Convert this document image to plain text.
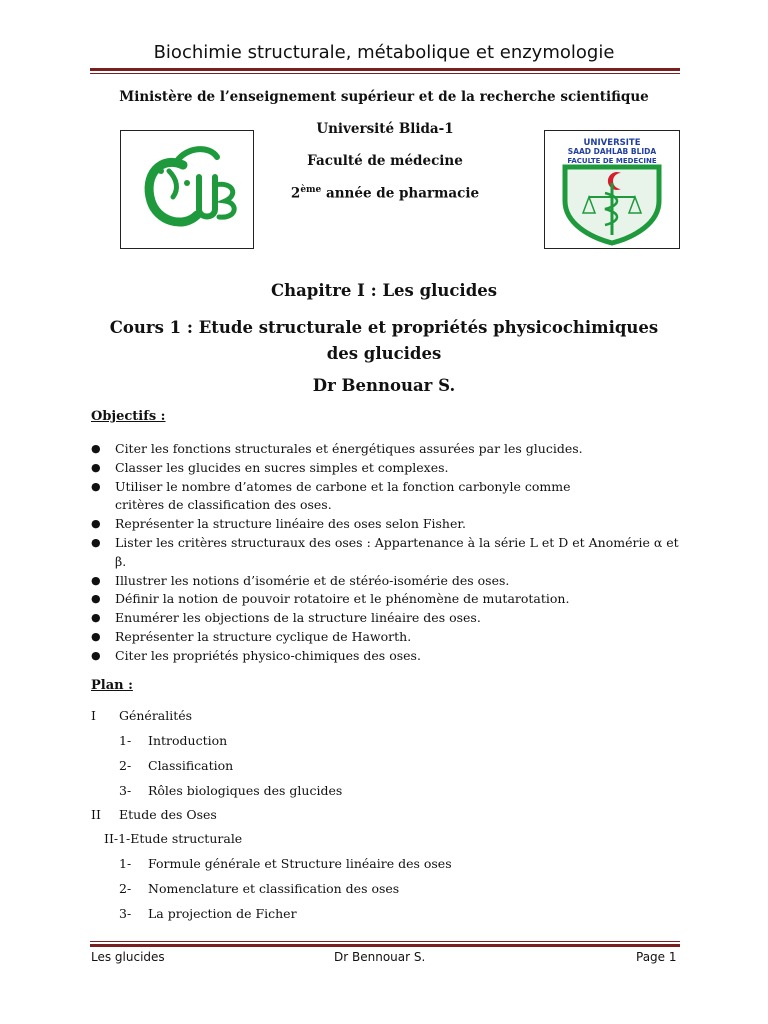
Biochimie structurale, métabolique et enzymologie
Ministère de l’enseignement supérieur et de la recherche scientifique
Université Blida-1
Faculté de médecine
2ème année de pharmacie
UNIVERSITE
SAAD DAHLAB BLIDA
FACULTE DE MEDECINE
Chapitre I : Les glucides
Cours 1 : Etude structurale et propriétés physicochimiques des glucides
Dr Bennouar S.
Objectifs :
● Citer les fonctions structurales et énergétiques assurées par les glucides.
● Classer les glucides en sucres simples et complexes.
● Utiliser le nombre d’atomes de carbone et la fonction carbonyle comme critères de classification des oses.
● Représenter la structure linéaire des oses selon Fisher.
● Lister les critères structuraux des oses : Appartenance à la série L et D et Anomérie α et β.
● Illustrer les notions d’isomérie et de stéréo-isomérie des oses.
● Définir la notion de pouvoir rotatoire et le phénomène de mutarotation.
● Enumérer les objections de la structure linéaire des oses.
● Représenter la structure cyclique de Haworth.
● Citer les propriétés physico-chimiques des oses.
Plan :
I Généralités
1- Introduction
2- Classification
3- Rôles biologiques des glucides
II Etude des Oses
II-1-Etude structurale
1- Formule générale et Structure linéaire des oses
2- Nomenclature et classification des oses
3- La projection de Ficher
Les glucides	Dr Bennouar S.	Page 1
